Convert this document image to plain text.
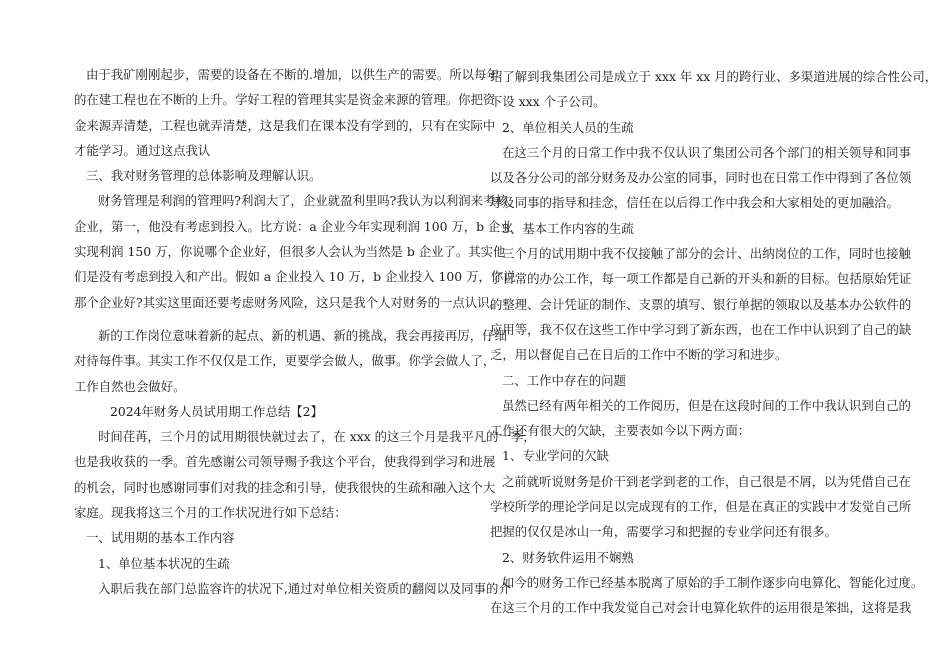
由于我矿刚刚起步，需要的设备在不断的.增加，以供生产的需要。所以每年
的在建工程也在不断的上升。学好工程的管理其实是资金来源的管理。你把资
金来源弄清楚，工程也就弄清楚，这是我们在课本没有学到的，只有在实际中
才能学习。通过这点我认
三、我对财务管理的总体影响及理解认识。
财务管理是利润的管理吗?利润大了，企业就盈利里吗?我认为以利润来考核
企业，第一，他没有考虑到投入。比方说：a 企业今年实现利润 100 万，b 企业
实现利润 150 万，你说哪个企业好，但很多人会认为当然是 b 企业了。其实他
们是没有考虑到投入和产出。假如 a 企业投入 10 万，b 企业投入 100 万，你说
那个企业好?其实这里面还要考虑财务风险，这只是我个人对财务的一点认识。
新的工作岗位意味着新的起点、新的机遇、新的挑战，我会再接再厉，仔细
对待每件事。其实工作不仅仅是工作，更要学会做人，做事。你学会做人了，
工作自然也会做好。
2024年财务人员试用期工作总结【2】
时间荏苒，三个月的试用期很快就过去了，在 xxx 的这三个月是我平凡的一季，
也是我收获的一季。首先感谢公司领导赐予我这个平台，使我得到学习和进展
的机会，同时也感谢同事们对我的挂念和引导，使我很快的生疏和融入这个大
家庭。现我将这三个月的工作状况进行如下总结：
一、试用期的基本工作内容
1、单位基本状况的生疏
入职后我在部门总监容许的状况下,通过对单位相关资质的翻阅以及同事的介
绍了解到我集团公司是成立于 xxx 年 xx 月的跨行业、多渠道进展的综合性公司，
下设 xxx 个子公司。
2、单位相关人员的生疏
在这三个月的日常工作中我不仅认识了集团公司各个部门的相关领导和同事
以及各分公司的部分财务及办公室的同事，同时也在日常工作中得到了各位领
导及同事的指导和挂念，信任在以后得工作中我会和大家相处的更加融洽。
3、基本工作内容的生疏
三个月的试用期中我不仅接触了部分的会计、出纳岗位的工作，同时也接触
了日常的办公工作，每一项工作都是自己新的开头和新的目标。包括原始凭证
的整理、会计凭证的制作、支票的填写、银行单据的领取以及基本办公软件的
应用等，我不仅在这些工作中学习到了新东西，也在工作中认识到了自己的缺
乏，用以督促自己在日后的工作中不断的学习和进步。
二、工作中存在的问题
虽然已经有两年相关的工作阅历，但是在这段时间的工作中我认识到自己的
工作还有很大的欠缺，主要表如今以下两方面：
1、专业学问的欠缺
之前就听说财务是价干到老学到老的工作，自己很是不屑，以为凭借自己在
学校所学的理论学问足以完成现有的工作，但是在真正的实践中才发觉自己所
把握的仅仅是冰山一角，需要学习和把握的专业学问还有很多。
2、财务软件运用不娴熟
如今的财务工作已经基本脱离了原始的手工制作逐步向电算化、智能化过度。
在这三个月的工作中我发觉自己对会计电算化软件的运用很是笨拙，这将是我
